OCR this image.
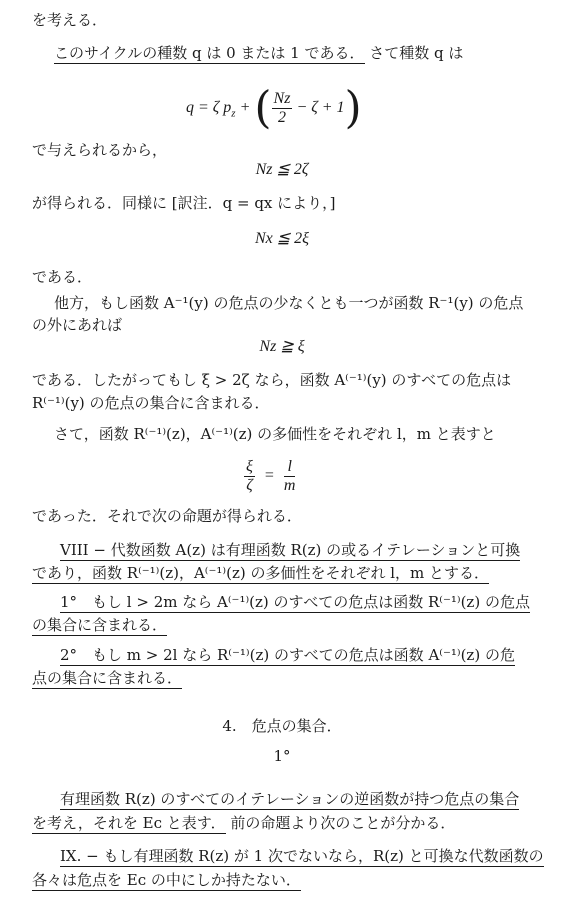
を考える．
このサイクルの種数 q は 0 または 1 である． さて種数 q は
q = ζ $p_z$ + ( $\frac{Nz}{2} - \zeta + 1$)
で与えられるから，
Nz ≦ 2ζ
が得られる．同様に [訳注．q = qx により，]
Nx ≦ 2ξ
である．
他方，もし函数 A⁻¹(y) の危点の少なくとも一つが函数 R⁻¹(y) の危点
の外にあれば
Nz ≧ ξ
である．したがってもし ξ > 2ζ なら，函数 A⁽⁻¹⁾(y) のすべての危点は
R⁽⁻¹⁾(y) の危点の集合に含まれる．
さて，函数 R⁽⁻¹⁾(z)，A⁽⁻¹⁾(z) の多価性をそれぞれ l，m と表すと
$\frac{\xi}{\zeta} = \frac{l}{m}$
であった．それで次の命題が得られる．
VIII − 代数函数 A(z) は有理函数 R(z) の或るイテレーションと可換
であり，函数 R⁽⁻¹⁾(z)，A⁽⁻¹⁾(z) の多価性をそれぞれ l，m とする．
1°　もし l > 2m なら A⁽⁻¹⁾(z) のすべての危点は函数 R⁽⁻¹⁾(z) の危点
の集合に含まれる．
2°　もし m > 2l なら R⁽⁻¹⁾(z) のすべての危点は函数 A⁽⁻¹⁾(z) の危
点の集合に含まれる．
4.　危点の集合．
1°
有理函数 R(z) のすべてのイテレーションの逆函数が持つ危点の集合
を考え，それを Eᴄ と表す． 前の命題より次のことが分かる．
IX. − もし有理函数 R(z) が 1 次でないなら，R(z) と可換な代数函数の
各々は危点を Eᴄ の中にしか持たない．
